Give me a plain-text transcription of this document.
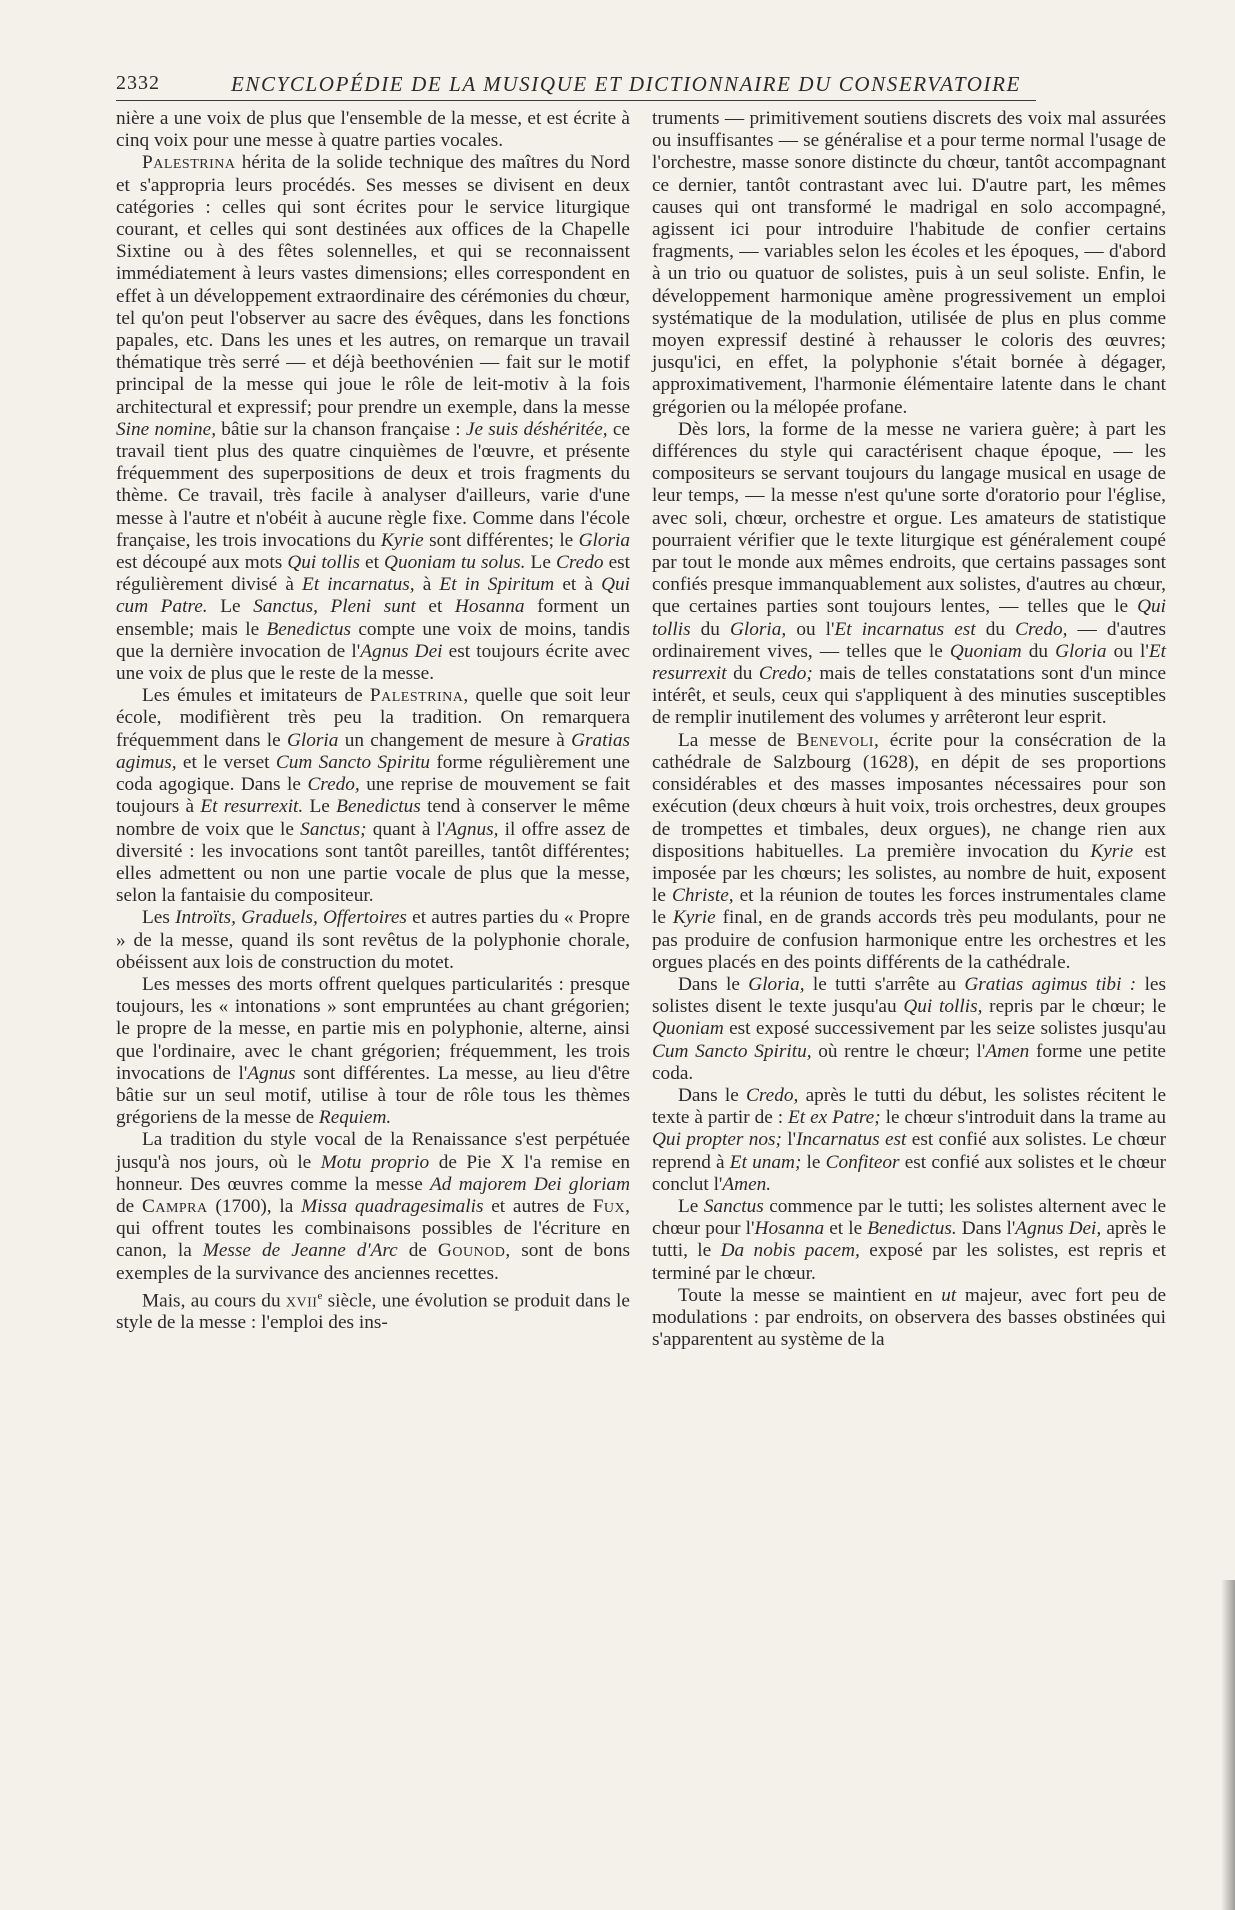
2332	ENCYCLOPÉDIE DE LA MUSIQUE ET DICTIONNAIRE DU CONSERVATOIRE

nière a une voix de plus que l'ensemble de la messe, et est écrite à cinq voix pour une messe à quatre parties vocales.

Palestrina hérita de la solide technique des maîtres du Nord et s'appropria leurs procédés. Ses messes se divisent en deux catégories : celles qui sont écrites pour le service liturgique courant, et celles qui sont destinées aux offices de la Chapelle Sixtine ou à des fêtes solennelles, et qui se reconnaissent immédiatement à leurs vastes dimensions; elles correspondent en effet à un développement extraordinaire des cérémonies du chœur, tel qu'on peut l'observer au sacre des évêques, dans les fonctions papales, etc. Dans les unes et les autres, on remarque un travail thématique très serré — et déjà beethovénien — fait sur le motif principal de la messe qui joue le rôle de leit-motiv à la fois architectural et expressif; pour prendre un exemple, dans la messe Sine nomine, bâtie sur la chanson française : Je suis déshéritée, ce travail tient plus des quatre cinquièmes de l'œuvre, et présente fréquemment des superpositions de deux et trois fragments du thème. Ce travail, très facile à analyser d'ailleurs, varie d'une messe à l'autre et n'obéit à aucune règle fixe. Comme dans l'école française, les trois invocations du Kyrie sont différentes; le Gloria est découpé aux mots Qui tollis et Quoniam tu solus. Le Credo est régulièrement divisé à Et incarnatus, à Et in Spiritum et à Qui cum Patre. Le Sanctus, Pleni sunt et Hosanna forment un ensemble; mais le Benedictus compte une voix de moins, tandis que la dernière invocation de l'Agnus Dei est toujours écrite avec une voix de plus que le reste de la messe.

Les émules et imitateurs de Palestrina, quelle que soit leur école, modifièrent très peu la tradition. On remarquera fréquemment dans le Gloria un changement de mesure à Gratias agimus, et le verset Cum Sancto Spiritu forme régulièrement une coda agogique. Dans le Credo, une reprise de mouvement se fait toujours à Et resurrexit. Le Benedictus tend à conserver le même nombre de voix que le Sanctus; quant à l'Agnus, il offre assez de diversité : les invocations sont tantôt pareilles, tantôt différentes; elles admettent ou non une partie vocale de plus que la messe, selon la fantaisie du compositeur.

Les Introïts, Graduels, Offertoires et autres parties du « Propre » de la messe, quand ils sont revêtus de la polyphonie chorale, obéissent aux lois de construction du motet.

Les messes des morts offrent quelques particularités : presque toujours, les « intonations » sont empruntées au chant grégorien; le propre de la messe, en partie mis en polyphonie, alterne, ainsi que l'ordinaire, avec le chant grégorien; fréquemment, les trois invocations de l'Agnus sont différentes. La messe, au lieu d'être bâtie sur un seul motif, utilise à tour de rôle tous les thèmes grégoriens de la messe de Requiem.

La tradition du style vocal de la Renaissance s'est perpétuée jusqu'à nos jours, où le Motu proprio de Pie X l'a remise en honneur. Des œuvres comme la messe Ad majorem Dei gloriam de Campra (1700), la Missa quadragesimalis et autres de Fux, qui offrent toutes les combinaisons possibles de l'écriture en canon, la Messe de Jeanne d'Arc de Gounod, sont de bons exemples de la survivance des anciennes recettes.

Mais, au cours du xvii$^e$ siècle, une évolution se produit dans le style de la messe : l'emploi des ins-

truments — primitivement soutiens discrets des voix mal assurées ou insuffisantes — se généralise et a pour terme normal l'usage de l'orchestre, masse sonore distincte du chœur, tantôt accompagnant ce dernier, tantôt contrastant avec lui. D'autre part, les mêmes causes qui ont transformé le madrigal en solo accompagné, agissent ici pour introduire l'habitude de confier certains fragments, — variables selon les écoles et les époques, — d'abord à un trio ou quatuor de solistes, puis à un seul soliste. Enfin, le développement harmonique amène progressivement un emploi systématique de la modulation, utilisée de plus en plus comme moyen expressif destiné à rehausser le coloris des œuvres; jusqu'ici, en effet, la polyphonie s'était bornée à dégager, approximativement, l'harmonie élémentaire latente dans le chant grégorien ou la mélopée profane.

Dès lors, la forme de la messe ne variera guère; à part les différences du style qui caractérisent chaque époque, — les compositeurs se servant toujours du langage musical en usage de leur temps, — la messe n'est qu'une sorte d'oratorio pour l'église, avec soli, chœur, orchestre et orgue. Les amateurs de statistique pourraient vérifier que le texte liturgique est généralement coupé par tout le monde aux mêmes endroits, que certains passages sont confiés presque immanquablement aux solistes, d'autres au chœur, que certaines parties sont toujours lentes, — telles que le Qui tollis du Gloria, ou l'Et incarnatus est du Credo, — d'autres ordinairement vives, — telles que le Quoniam du Gloria ou l'Et resurrexit du Credo; mais de telles constatations sont d'un mince intérêt, et seuls, ceux qui s'appliquent à des minuties susceptibles de remplir inutilement des volumes y arrêteront leur esprit.

La messe de Benevoli, écrite pour la consécration de la cathédrale de Salzbourg (1628), en dépit de ses proportions considérables et des masses imposantes nécessaires pour son exécution (deux chœurs à huit voix, trois orchestres, deux groupes de trompettes et timbales, deux orgues), ne change rien aux dispositions habituelles. La première invocation du Kyrie est imposée par les chœurs; les solistes, au nombre de huit, exposent le Christe, et la réunion de toutes les forces instrumentales clame le Kyrie final, en de grands accords très peu modulants, pour ne pas produire de confusion harmonique entre les orchestres et les orgues placés en des points différents de la cathédrale.

Dans le Gloria, le tutti s'arrête au Gratias agimus tibi : les solistes disent le texte jusqu'au Qui tollis, repris par le chœur; le Quoniam est exposé successivement par les seize solistes jusqu'au Cum Sancto Spiritu, où rentre le chœur; l'Amen forme une petite coda.

Dans le Credo, après le tutti du début, les solistes récitent le texte à partir de : Et ex Patre; le chœur s'introduit dans la trame au Qui propter nos; l'Incarnatus est est confié aux solistes. Le chœur reprend à Et unam; le Confiteor est confié aux solistes et le chœur conclut l'Amen.

Le Sanctus commence par le tutti; les solistes alternent avec le chœur pour l'Hosanna et le Benedictus. Dans l'Agnus Dei, après le tutti, le Da nobis pacem, exposé par les solistes, est repris et terminé par le chœur.

Toute la messe se maintient en ut majeur, avec fort peu de modulations : par endroits, on observera des basses obstinées qui s'apparentent au système de la
